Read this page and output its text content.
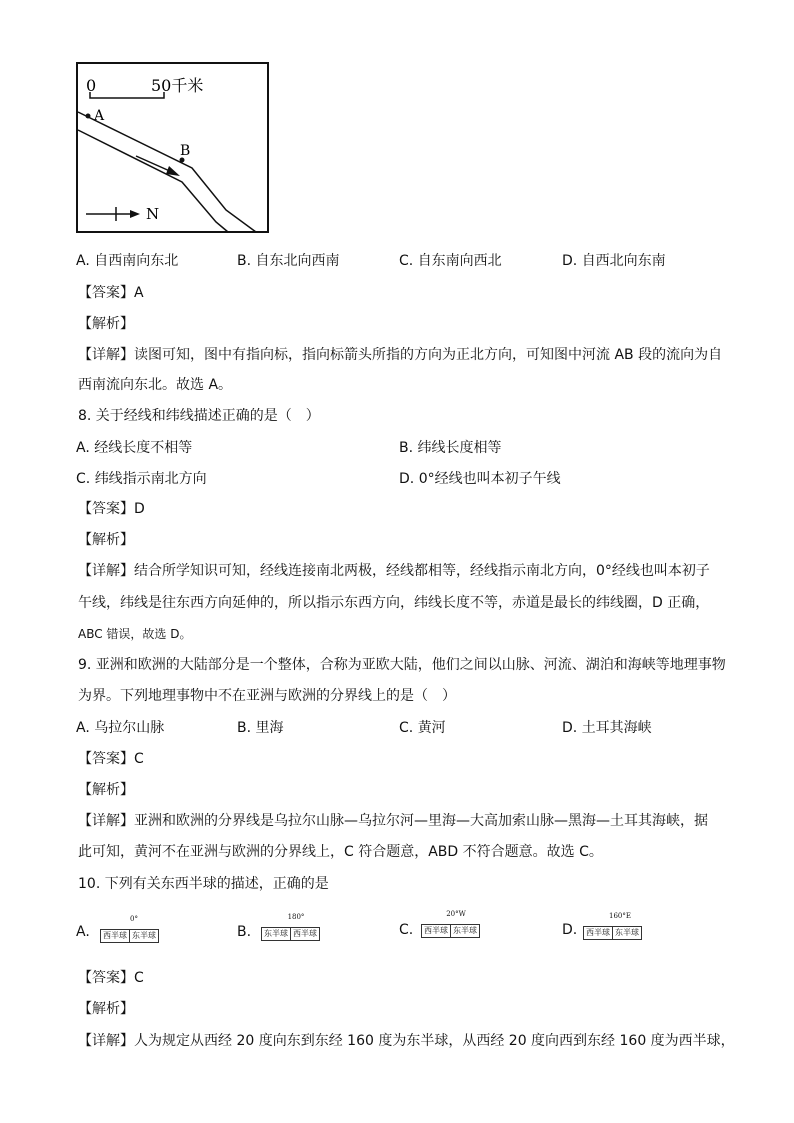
0	50千米
A
B
N
A. 自西南向东北	B. 自东北向西南	C. 自东南向西北	D. 自西北向东南
【答案】A
【解析】
【详解】读图可知，图中有指向标，指向标箭头所指的方向为正北方向，可知图中河流 AB 段的流向为自
西南流向东北。故选 A。
8. 关于经线和纬线描述正确的是（　）
A. 经线长度不相等	B. 纬线长度相等
C. 纬线指示南北方向	D. 0°经线也叫本初子午线
【答案】D
【解析】
【详解】结合所学知识可知，经线连接南北两极，经线都相等，经线指示南北方向，0°经线也叫本初子
午线，纬线是往东西方向延伸的，所以指示东西方向，纬线长度不等，赤道是最长的纬线圈，D 正确，
ABC 错误，故选 D。
9. 亚洲和欧洲的大陆部分是一个整体，合称为亚欧大陆，他们之间以山脉、河流、湖泊和海峡等地理事物
为界。下列地理事物中不在亚洲与欧洲的分界线上的是（　）
A. 乌拉尔山脉	B. 里海	C. 黄河	D. 土耳其海峡
【答案】C
【解析】
【详解】亚洲和欧洲的分界线是乌拉尔山脉—乌拉尔河—里海—大高加索山脉—黑海—土耳其海峡，据
此可知，黄河不在亚洲与欧洲的分界线上，C 符合题意，ABD 不符合题意。故选 C。
10. 下列有关东西半球的描述，正确的是
A.
0°
西半球 东半球	B.
180°
东半球 西半球	C.
20°W
西半球 东半球	D.
160°E
西半球 东半球
【答案】C
【解析】
【详解】人为规定从西经 20 度向东到东经 160 度为东半球，从西经 20 度向西到东经 160 度为西半球，
